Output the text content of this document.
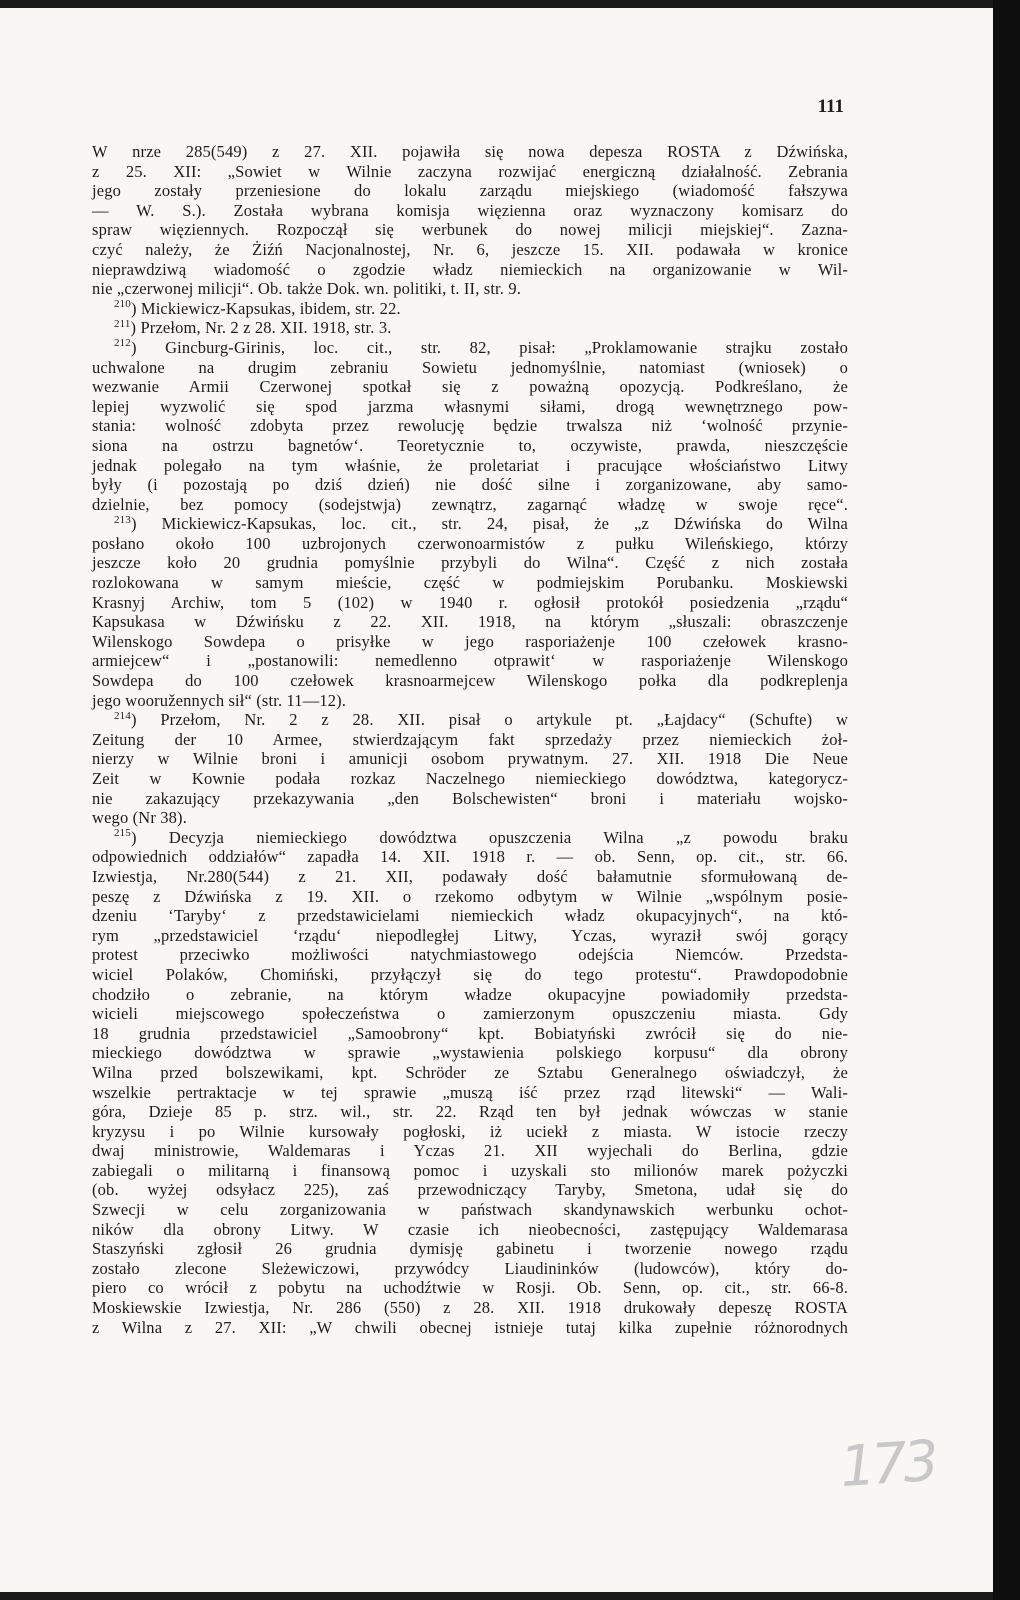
111
W nrze 285(549) z 27. XII. pojawiła się nowa depesza ROSTA z Dźwińska,
z 25. XII: „Sowiet w Wilnie zaczyna rozwijać energiczną działalność. Zebrania
jego zostały przeniesione do lokalu zarządu miejskiego (wiadomość fałszywa
— W. S.). Została wybrana komisja więzienna oraz wyznaczony komisarz do
spraw więziennych. Rozpoczął się werbunek do nowej milicji miejskiej“. Zazna-
czyć należy, że Żiźń Nacjonalnostej, Nr. 6, jeszcze 15. XII. podawała w kronice
nieprawdziwą wiadomość o zgodzie władz niemieckich na organizowanie w Wil-
nie „czerwonej milicji“. Ob. także Dok. wn. politiki, t. II, str. 9.
$^{210}$) Mickiewicz-Kapsukas, ibidem, str. 22.
$^{211}$) Przełom, Nr. 2 z 28. XII. 1918, str. 3.
$^{212}$) Gincburg-Girinis, loc. cit., str. 82, pisał: „Proklamowanie strajku zostało
uchwalone na drugim zebraniu Sowietu jednomyślnie, natomiast (wniosek) o
wezwanie Armii Czerwonej spotkał się z poważną opozycją. Podkreślano, że
lepiej wyzwolić się spod jarzma własnymi siłami, drogą wewnętrznego pow-
stania: wolność zdobyta przez rewolucję będzie trwalsza niż ‘wolność przynie-
siona na ostrzu bagnetów‘. Teoretycznie to, oczywiste, prawda, nieszczęście
jednak polegało na tym właśnie, że proletariat i pracujące włościaństwo Litwy
były (i pozostają po dziś dzień) nie dość silne i zorganizowane, aby samo-
dzielnie, bez pomocy (sodejstwja) zewnątrz, zagarnąć władzę w swoje ręce“.
$^{213}$) Mickiewicz-Kapsukas, loc. cit., str. 24, pisał, że „z Dźwińska do Wilna
posłano około 100 uzbrojonych czerwonoarmistów z pułku Wileńskiego, którzy
jeszcze koło 20 grudnia pomyślnie przybyli do Wilna“. Część z nich została
rozlokowana w samym mieście, część w podmiejskim Porubanku. Moskiewski
Krasnyj Archiw, tom 5 (102) w 1940 r. ogłosił protokół posiedzenia „rządu“
Kapsukasa w Dźwińsku z 22. XII. 1918, na którym „słuszali: obraszczenje
Wilenskogo Sowdepa o prisyłke w jego rasporiażenje 100 czełowek krasno-
armiejcew“ i „postanowili: nemedlenno otprawit‘ w rasporiażenje Wilenskogo
Sowdepa do 100 czełowek krasnoarmejcew Wilenskogo połka dla podkreplenja
jego wooružennych sił“ (str. 11—12).
$^{214}$) Przełom, Nr. 2 z 28. XII. pisał o artykule pt. „Łajdacy“ (Schufte) w
Zeitung der 10 Armee, stwierdzającym fakt sprzedaży przez niemieckich żoł-
nierzy w Wilnie broni i amunicji osobom prywatnym. 27. XII. 1918 Die Neue
Zeit w Kownie podała rozkaz Naczelnego niemieckiego dowództwa, kategorycz-
nie zakazujący przekazywania „den Bolschewisten“ broni i materiału wojsko-
wego (Nr 38).
$^{215}$) Decyzja niemieckiego dowództwa opuszczenia Wilna „z powodu braku
odpowiednich oddziałów“ zapadła 14. XII. 1918 r. — ob. Senn, op. cit., str. 66.
Izwiestja, Nr.280(544) z 21. XII, podawały dość bałamutnie sformułowaną de-
peszę z Dźwińska z 19. XII. o rzekomo odbytym w Wilnie „wspólnym posie-
dzeniu ‘Taryby‘ z przedstawicielami niemieckich władz okupacyjnych“, na któ-
rym „przedstawiciel ‘rządu‘ niepodległej Litwy, Yczas, wyraził swój gorący
protest przeciwko możliwości natychmiastowego odejścia Niemców. Przedsta-
wiciel Polaków, Chomiński, przyłączył się do tego protestu“. Prawdopodobnie
chodziło o zebranie, na którym władze okupacyjne powiadomiły przedsta-
wicieli miejscowego społeczeństwa o zamierzonym opuszczeniu miasta. Gdy
18 grudnia przedstawiciel „Samoobrony“ kpt. Bobiatyński zwrócił się do nie-
mieckiego dowództwa w sprawie „wystawienia polskiego korpusu“ dla obrony
Wilna przed bolszewikami, kpt. Schröder ze Sztabu Generalnego oświadczył, że
wszelkie pertraktacje w tej sprawie „muszą iść przez rząd litewski“ — Wali-
góra, Dzieje 85 p. strz. wil., str. 22. Rząd ten był jednak wówczas w stanie
kryzysu i po Wilnie kursowały pogłoski, iż uciekł z miasta. W istocie rzeczy
dwaj ministrowie, Waldemaras i Yczas 21. XII wyjechali do Berlina, gdzie
zabiegali o militarną i finansową pomoc i uzyskali sto milionów marek pożyczki
(ob. wyżej odsyłacz 225), zaś przewodniczący Taryby, Smetona, udał się do
Szwecji w celu zorganizowania w państwach skandynawskich werbunku ochot-
ników dla obrony Litwy. W czasie ich nieobecności, zastępujący Waldemarasa
Staszyński zgłosił 26 grudnia dymisję gabinetu i tworzenie nowego rządu
zostało zlecone Sleżewiczowi, przywódcy Liaudininków (ludowców), który do-
piero co wrócił z pobytu na uchodźtwie w Rosji. Ob. Senn, op. cit., str. 66-8.
Moskiewskie Izwiestja, Nr. 286 (550) z 28. XII. 1918 drukowały depeszę ROSTA
z Wilna z 27. XII: „W chwili obecnej istnieje tutaj kilka zupełnie różnorodnych
173
